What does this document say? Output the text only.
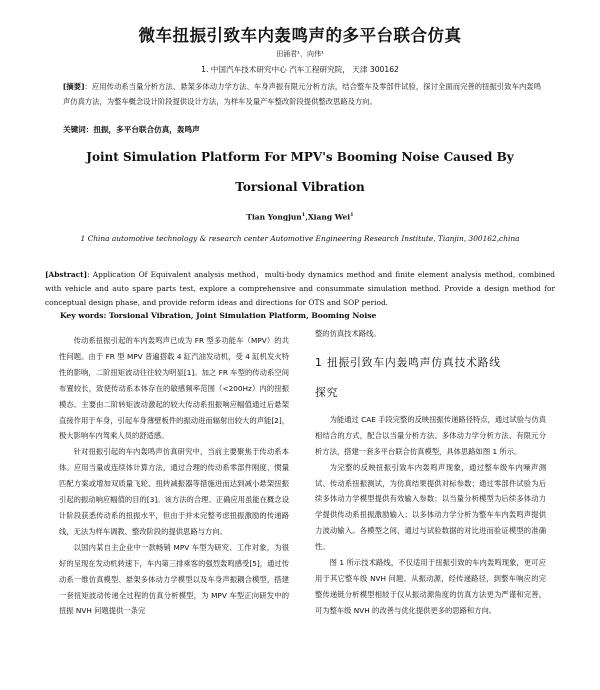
微车扭振引致车内轰鸣声的多平台联合仿真
田涌君¹，向伟¹
1. 中国汽车技术研究中心 汽车工程研究院， 天津 300162
[摘要]：应用传动系当量分析方法、悬架多体动力学方法、车身声振有限元分析方法，结合整车及零部件试验，探讨全面而完善的扭振引致车内轰鸣声仿真方法，为整车概念设计阶段提供设计方法，为样车及量产车整改阶段提供整改思路及方向。
关键词：扭振，多平台联合仿真，轰鸣声
Joint Simulation Platform For MPV's Booming Noise Caused By
Torsional Vibration
Tian Yongjun$^1$,Xiang Wei$^1$
1 China automotive technology & research center Automotive Engineering Research Institute, Tianjin, 300162,china
[Abstract]: Application Of Equivalent analysis method，multi-body dynamics method and finite element analysis method, combined with vehicle and auto spare parts test, explore a comprehensive and consummate simulation method. Provide a design method for conceptual design phase, and provide reform ideas and directions for OTS and SOP period.
Key words: Torsional Vibration, Joint Simulation Platform, Booming Noise

传动系扭振引起的车内轰鸣声已成为 FR 型多功能车（MPV）的共性问题。由于 FR 型 MPV 普遍搭载 4 缸汽油发动机，受 4 缸机发火特性的影响，二阶扭矩波动往往较为明显[1]。加之 FR 车型的传动系空间布置较长，致使传动系本体存在的敏感频率范围（<200Hz）内的扭振模态。主要由二阶转矩波动激起的较大传动系扭振响应幅值通过后悬架直接作用于车身，引起车身薄壁板件的振动进而辐射出较大的声能[2]，极大影响车内驾乘人员的舒适感。

针对扭振引起的车内轰鸣声仿真研究中，当前主要聚焦于传动系本体。应用当量或连续体计算方法，通过合理的传动系零部件刚度、惯量匹配方案或增加双质量飞轮、扭转减振器等措施进而达到减小悬架扭振引起的振动响应幅值的目的[3]。该方法的合理、正确应用虽能在概念设计阶段获悉传动系的扭振水平，但由于并未完整考虑扭振激励的传递路线，无法为样车调教、整改阶段的提供思路与方向。

以国内某自主企业中一款畅销 MPV 车型为研究、工作对象，为很好的呈现在发动机转速下，车内第三排乘客的强烈轰鸣感受[5]，通过传动系一维仿真模型、悬架多体动力学模型以及车身声振耦合模型，搭建一套扭矩波动传递全过程的仿真分析模型，为 MPV 车型正向研发中的扭振 NVH 问题提供一条完

整的仿真技术路线。

1 扭振引致车内轰鸣声仿真技术路线
探究

为能通过 CAE 手段完整的反映扭振传递路径特点，通过试验与仿真相结合的方式，配合以当量分析方法、多体动力学分析方法、有限元分析方法，搭建一套多平台联合仿真模型，具体思路如图 1 所示。

为完整的反映扭振引致车内轰鸣声现象，通过整车级车内噪声测试、传动系扭振测试，为仿真结果提供对标参数；通过零部件试验为后续多体动力学模型提供有效输入参数；以当量分析模型为后续多体动力学提供传动系扭振激励输入；以多体动力学分析为整车车内轰鸣声提供力波动输入。各模型之间，通过与试验数据的对比进而验证模型的准确性。

图 1 所示技术路线，不仅适用于扭振引致的车内轰鸣现象，更可应用于其它整车级 NVH 问题。从振动源，经传递路径，到整车响应的完整传递链分析模型相较于仅从振动源角度的仿真方法更为严谨和完善，可为整车级 NVH 的改善与优化提供更多的思路和方向。
